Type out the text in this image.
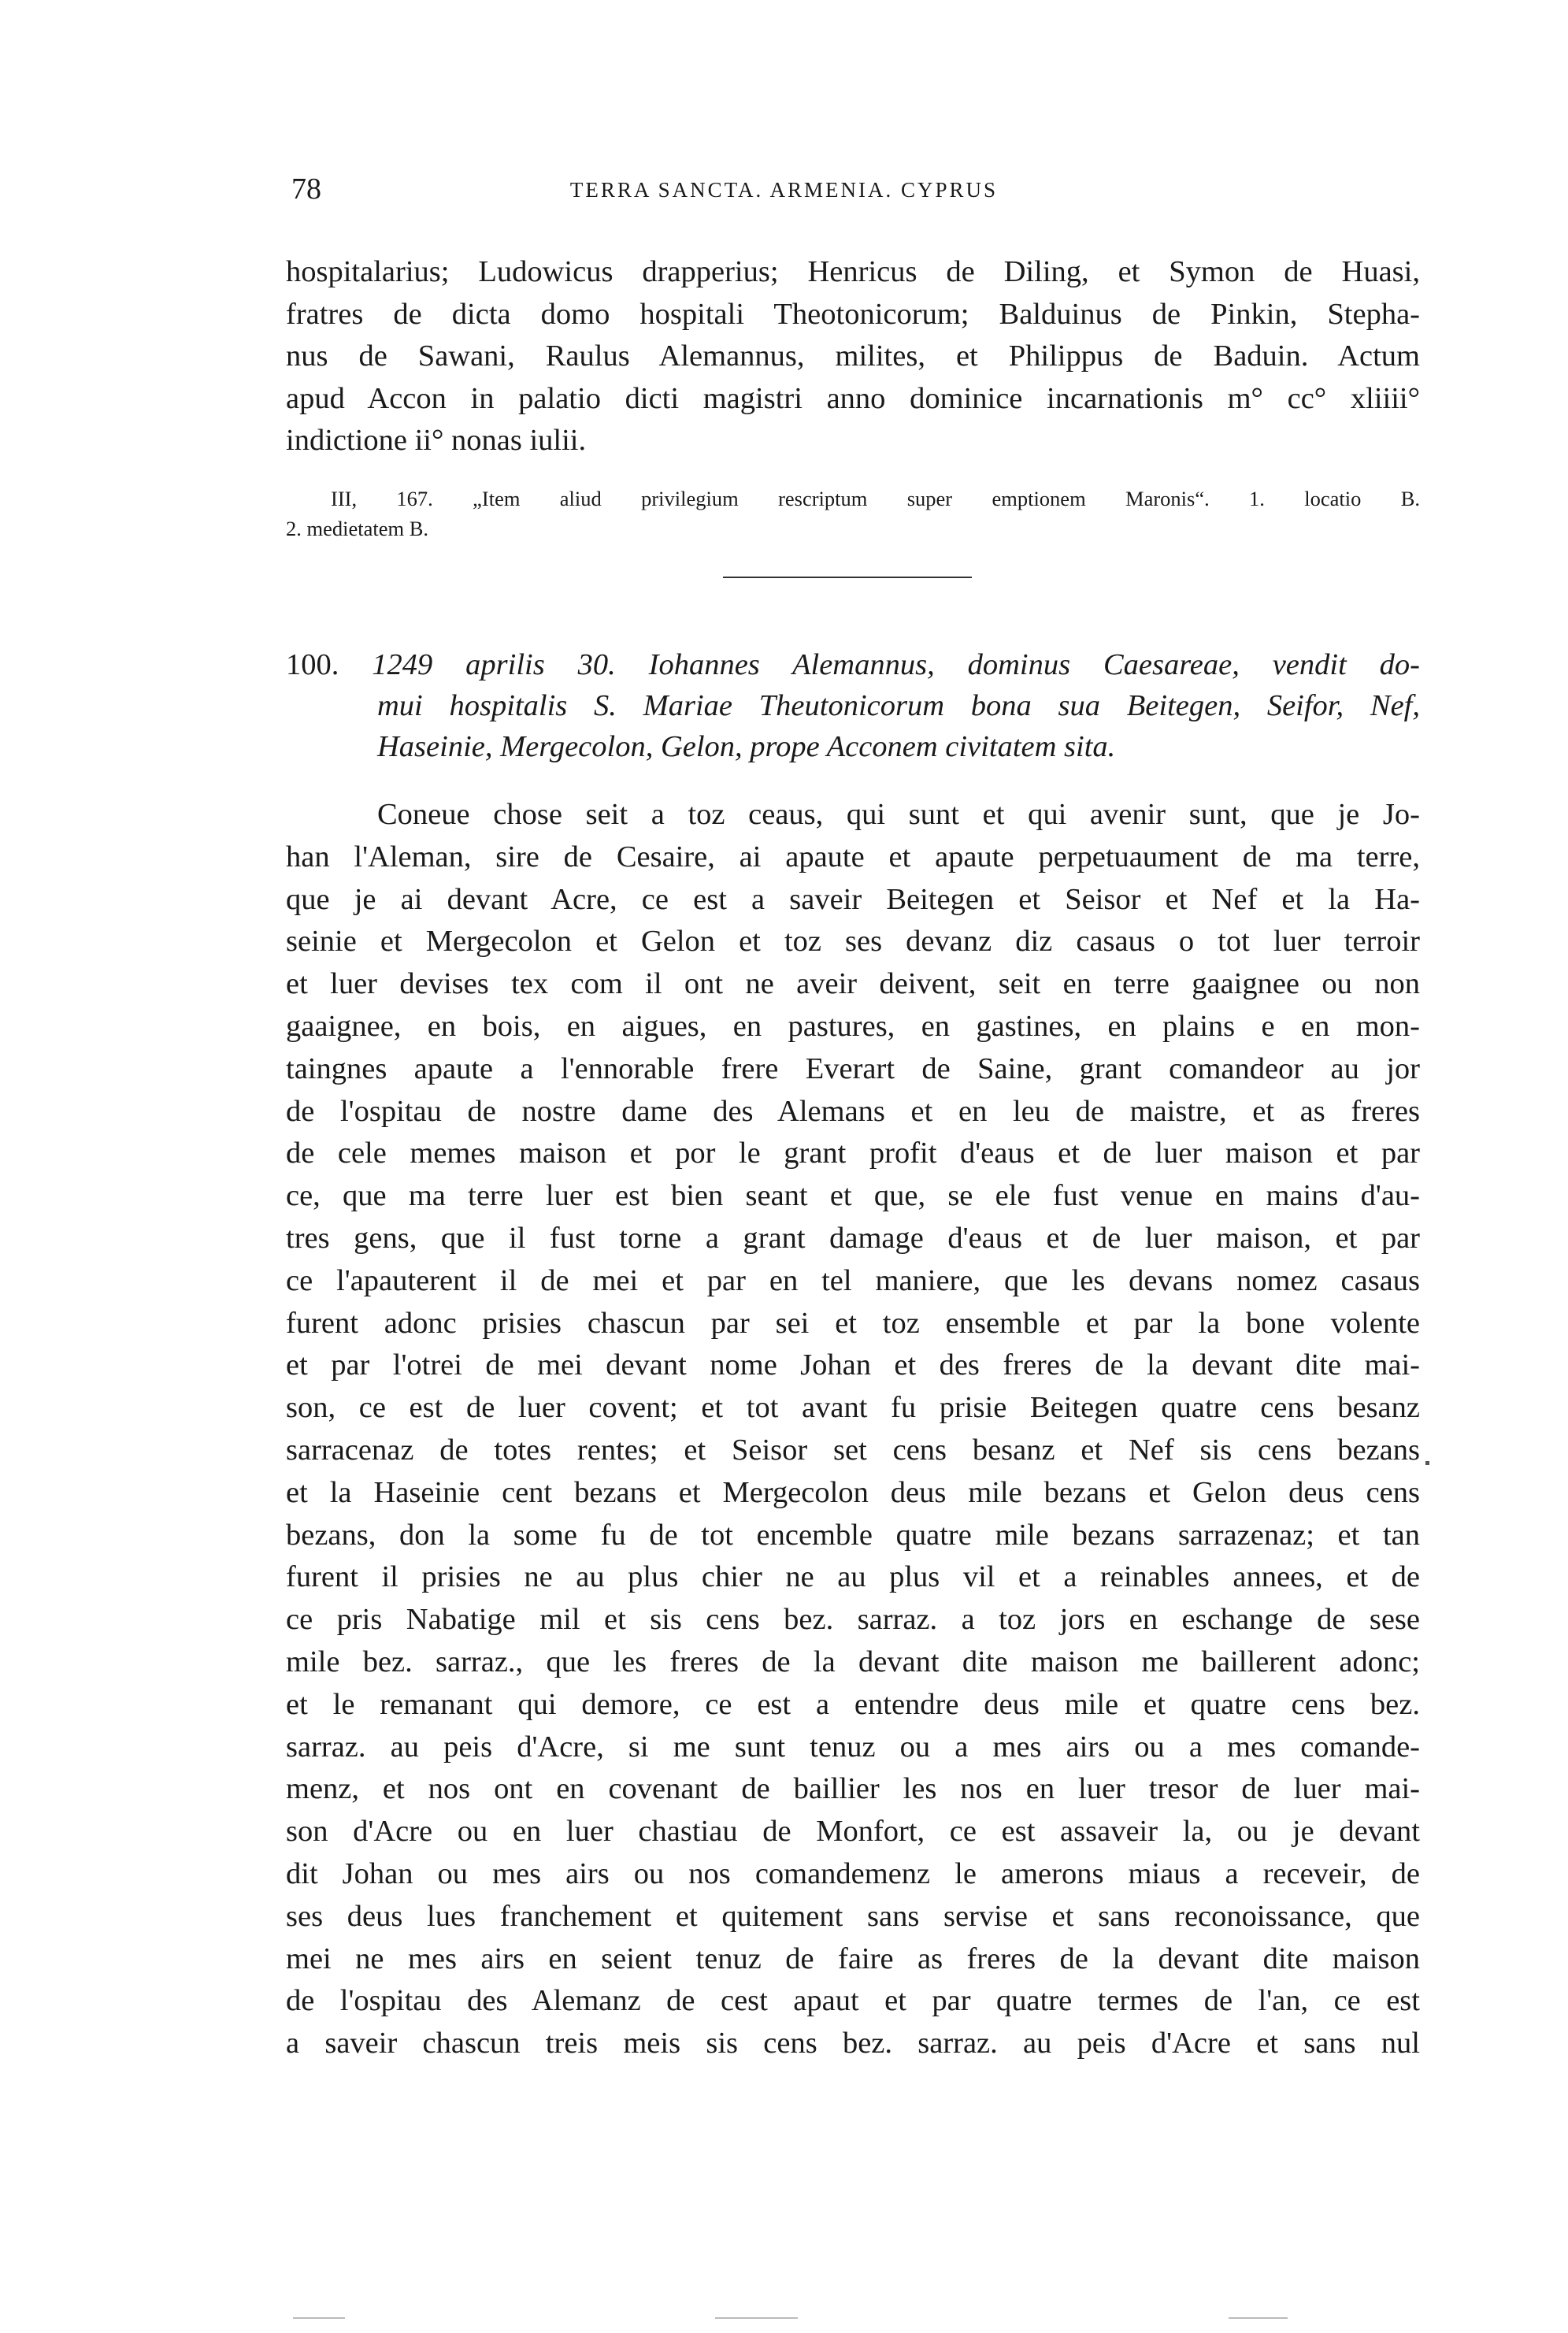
78	TERRA SANCTA. ARMENIA. CYPRUS
hospitalarius; Ludowicus drapperius; Henricus de Diling, et Symon de Huasi,
fratres de dicta domo hospitali Theotonicorum; Balduinus de Pinkin, Stepha-
nus de Sawani, Raulus Alemannus, milites, et Philippus de Baduin. Actum
apud Accon in palatio dicti magistri anno dominice incarnationis m° cc° xliiii°
indictione ii° nonas iulii.
III, 167. „Item aliud privilegium rescriptum super emptionem Maronis“. 1. locatio B.
2. medietatem B.
100. 1249 aprilis 30. Iohannes Alemannus, dominus Caesareae, vendit do-
mui hospitalis S. Mariae Theutonicorum bona sua Beitegen, Seifor, Nef,
Haseinie, Mergecolon, Gelon, prope Acconem civitatem sita.
Coneue chose seit a toz ceaus, qui sunt et qui avenir sunt, que je Jo-
han l'Aleman, sire de Cesaire, ai apaute et apaute perpetuaument de ma terre,
que je ai devant Acre, ce est a saveir Beitegen et Seisor et Nef et la Ha-
seinie et Mergecolon et Gelon et toz ses devanz diz casaus o tot luer terroir
et luer devises tex com il ont ne aveir deivent, seit en terre gaaignee ou non
gaaignee, en bois, en aigues, en pastures, en gastines, en plains e en mon-
taingnes apaute a l'ennorable frere Everart de Saine, grant comandeor au jor
de l'ospitau de nostre dame des Alemans et en leu de maistre, et as freres
de cele memes maison et por le grant profit d'eaus et de luer maison et par
ce, que ma terre luer est bien seant et que, se ele fust venue en mains d'au-
tres gens, que il fust torne a grant damage d'eaus et de luer maison, et par
ce l'apauterent il de mei et par en tel maniere, que les devans nomez casaus
furent adonc prisies chascun par sei et toz ensemble et par la bone volente
et par l'otrei de mei devant nome Johan et des freres de la devant dite mai-
son, ce est de luer covent; et tot avant fu prisie Beitegen quatre cens besanz
sarracenaz de totes rentes; et Seisor set cens besanz et Nef sis cens bezans
et la Haseinie cent bezans et Mergecolon deus mile bezans et Gelon deus cens
bezans, don la some fu de tot encemble quatre mile bezans sarrazenaz; et tan
furent il prisies ne au plus chier ne au plus vil et a reinables annees, et de
ce pris Nabatige mil et sis cens bez. sarraz. a toz jors en eschange de sese
mile bez. sarraz., que les freres de la devant dite maison me baillerent adonc;
et le remanant qui demore, ce est a entendre deus mile et quatre cens bez.
sarraz. au peis d'Acre, si me sunt tenuz ou a mes airs ou a mes comande-
menz, et nos ont en covenant de baillier les nos en luer tresor de luer mai-
son d'Acre ou en luer chastiau de Monfort, ce est assaveir la, ou je devant
dit Johan ou mes airs ou nos comandemenz le amerons miaus a receveir, de
ses deus lues franchement et quitement sans servise et sans reconoissance, que
mei ne mes airs en seient tenuz de faire as freres de la devant dite maison
de l'ospitau des Alemanz de cest apaut et par quatre termes de l'an, ce est
a saveir chascun treis meis sis cens bez. sarraz. au peis d'Acre et sans nul
